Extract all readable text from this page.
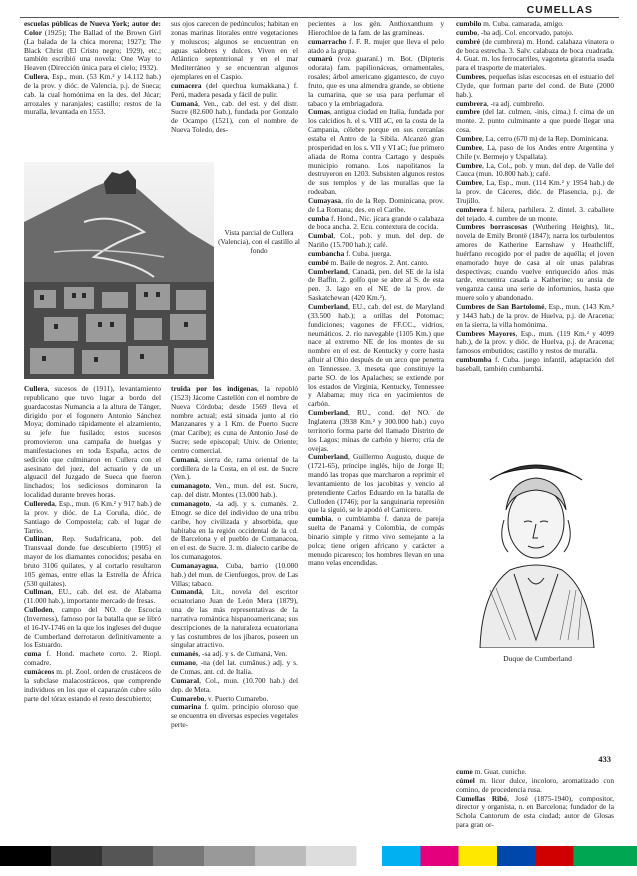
CUMELLAS

escuelas públicas de Nueva York; autor de: Color (1925); The Ballad of the Brown Girl (La balada de la chica morena; 1927); The Black Christ (El Cristo negro; 1929), etc.; también escribió una novela: One Way to Heaven (Dirección única para el cielo; 1932).

Cullera, Esp., mun. (53 Km.² y 14.112 hab.) de la prov. y dióc. de Valencia, p.j. de Sueca; cab. la cual homónima en la des. del Júcar; arrozales y naranjales; castillo; restos de la muralla, levantada en 1553.

sus ojos carecen de pedúnculos; habitan en zonas marinas litorales entre vegetaciones y moluscos; algunos se encuentran en aguas salobres y dulces. Viven en el Atlántico septentrional y en el mar Mediterráneo y se encuentran algunos ejemplares en el Caspio.

cumacera (del quechua kumakkana.) f. Perú, madera pesada y fácil de pulir.

Cumaná, Ven., cab. del est. y del distr. Sucre (82.600 hab.), fundada por Gonzalo de Ocampo (1521), con el nombre de Nueva Toledo, des-

Vista parcial de Cullera (Valencia), con el castillo al fondo

pecientes a los gén. Anthoxanthum y Hierochloe de la fam. de las gramíneas.

cumarracho f. F. R. mujer que lleva el pelo atado a la grupa.

cumarú (voz guaraní.) m. Bot. (Dipteris odorata) fam. papilionáceas, ornamentales, rosales; árbol americano gigantesco, de cuyo fruto, que es una almendra grande, se obtiene la cumarina, que se usa para perfumar el tabaco y la embriagadora.

Cumas, antigua ciudad en Italia, fundada por los calcidios h. el s. VIII aC, en la costa de la Campania, célebre porque en sus cercanías estaba el Antro de la Sibila. Alcanzó gran prosperidad en los s. VII y VI aC; fue primero aliada de Roma contra Cartago y después municipio romano. Los napolitanos la destruyeron en 1203. Subsisten algunos restos de sus templos y de las murallas que la rodeaban.

Cumayasa, río de la Rep. Dominicana, prov. de La Romana; des. en el Caribe.

cumba f. Hond., Nic. jícara grande o calabaza de boca ancha. 2. Ecu. contextura de cocida.

Cumbal, Col., pob. y mun. del dep. de Nariño (15.700 hab.); café.

cumbancha f. Cuba. juerga.

cumbé m. Baile de negros. 2. Ant. canto.

Cumberland, Canadá, pen. del SE de la isla de Baffin. 2. golfo que se abre al S. de esta pen. 3. lago en el NE de la prov. de Saskatchewan (420 Km.²).

Cumberland, EU., cab. del est. de Maryland (33.500 hab.); a orillas del Potomac; fundiciones; vagones de FF.CC., vidrios, neumáticos. 2. río navegable (1105 Km.) que nace al extremo NE de los montes de su nombre en el est. de Kentucky y corre hasta afluir al Ohio después de un arco que penetra en Tennessee. 3. meseta que constituye la parte SO. de los Apalaches; se extiende por los estados de Virginia, Kentucky, Tennessee y Alabama; muy rica en yacimientos de carbón.

Cumberland, RU., cond. del NO. de Inglaterra (3938 Km.² y 300.000 hab.) cuyo territorio forma parte del llamado Distrito de los Lagos; minas de carbón y hierro; cría de ovejas.

Cumberland, Guillermo Augusto, duque de (1721-65), príncipe inglés, hijo de Jorge II; mandó las tropas que marcharon a reprimir el levantamiento de los jacobitas y vencio al pretendiente Carlos Eduardo en la batalla de Culloden (1746); por la sanguinaria represión que la siguió, se le apodó el Carnicero.

cumbia, o cumbiamba f. danza de pareja suelta de Panamá y Colombia, de compás binario simple y ritmo vivo semejante a la polca; tiene origen africano y carácter a menudo picaresco; los hombres llevan en una mano velas encendidas.

cumbilo m. Cuba. camarada, amigo.

cumbo, -ba adj. Col. encorvado, patojo.

cumbré (de cumbrera) m. Hond. calabaza vinatera o de boca estrecha. 3. Salv. calabaza de boca cuadrada. 4. Guat. m. los ferrocarriles, vagoneta giratoria usada para el trasporte de materiales.

Cumbres, pequeñas islas escocesas en el estuario del Clyde, que forman parte del cond. de Bute (2000 hab.).

cumbrera, -ra adj. cumbreño.

cumbre (del lat. culmen, -inis, cima.) f. cima de un monte. 2. punto culminante a que puede llegar una cosa.

Cumbre, La, cerro (670 m) de la Rep. Dominicana.

Cumbre, La, paso de los Andes entre Argentina y Chile (v. Bermejo y Uspallata).

Cumbre, La, Col., pob. y mun. del dep. de Valle del Cauca (mun. 10.800 hab.); café.

Cumbre, La, Esp., mun. (114 Km.² y 1954 hab.) de la prov. de Cáceres, dióc. de Plasencia, p.j. de Trujillo.

cumbrera f. hilera, parhilera. 2. dintel. 3. caballete del tejado. 4. cumbre de un monte.

Cumbres borrascosas (Wuthering Heights), lit., novela de Emily Brontë (1847); narra los turbulentos amores de Katherine Earnshaw y Heathcliff, huérfano recogido por el padre de aquélla; el joven enamorado huye de casa al oír unas palabras despectivas; cuando vuelve enriquecido años más tarde, encuentra casada a Katherine; su ansia de venganza causa una serie de infortunios, hasta que muere solo y abandonado.

Cumbres de San Bartolomé, Esp., mun. (143 Km.² y 1443 hab.) de la prov. de Huelva, p.j. de Aracena; en la sierra, la villa homónima.

Cumbres Mayores, Esp., mun. (119 Km.² y 4099 hab.), de la prov. y dióc. de Huelva, p.j. de Aracena; famosos embutidos; castillo y restos de muralla.

cumbumba f. Cuba. juego infantil, adaptación del baseball, también cumbambá.

Cullera, sucesos de (1911), levantamiento republicano que tuvo lugar a bordo del guardacostas Numancia a la altura de Tánger, dirigido por el fogonero Antonio Sánchez Moya; dominado rápidamente el alzamiento, su jefe fue fusilado; estos sucesos promovieron una campaña de huelgas y manifestaciones en toda España, actos de sedición que culminaron en Cullera con el asesinato del juez, del actuario y de un alguacil del Juzgado de Sueca que fueron linchados; los sediciosos dominaron la localidad durante breves horas.

Cullereda, Esp., mun. (6 Km.² y 917 hab.) de la prov. y dióc. de La Coruña, dióc. de Santiago de Compostela; cab. el lugar de Tarrio.

Cullinan, Rep. Sudafricana, pob. del Transvaal donde fue descubierto (1905) el mayor de los diamantes conocidos; pesaba en bruto 3106 quilates, y al cortarlo resultaron 105 gemas, entre ellas la Estrella de África (530 quilates).

Cullman, EU., cab. del est. de Alabama (11.000 hab.), importante mercado de fresas.

Culloden, campo del NO. de Escocia (Inverness), famoso por la batalla que se libró el 16-IV-1746 en la que los ingleses del duque de Cumberland derrotaron definitivamente a los Estuardo.

cuma f. Hond. machete corto. 2. Riopl. comadre.

cumáceos m. pl. Zool. orden de crustáceos de la subclase malacostráceos, que comprende individuos en los que el caparazón cubre sólo parte del tórax estando el resto descubierto;

truida por los indígenas, la repobló (1523) Jácome Castellón con el nombre de Nueva Córdoba; desde 1569 lleva el nombre actual; está situada junto al río Manzanares y a 1 Km. de Puerto Sucre (mar Caribe); es cuna de Antonio José de Sucre; sede episcopal; Univ. de Oriente; centro comercial.

Cumaná, sierra de, rama oriental de la cordillera de la Costa, en el est. de Sucre (Ven.).

cumanagoto, Ven., mun. del est. Sucre, cap. del distr. Montes (13.000 hab.).

cumanagoto, -ta adj. y s. cumanés. 2. Etnogr. se dice del individuo de una tribu caribe, hoy civilizada y absorbida, que habitaba en la región occidental de la cd. de Barcelona y el pueblo de Cumanacoa, en el est. de Sucre. 3. m. dialecto caribe de los cumanagotos.

Cumanayagua, Cuba, barrio (10.000 hab.) del mun. de Cienfuegos, prov. de Las Villas; tabaco.

Cumandá, Lit., novela del escritor ecuatoriano Juan de León Mera (1879), una de las más representativas de la narrativa romántica hispanoamericana; sus descripciones de la naturaleza ecuatoriana y las costumbres de los jíbaros, poseen un singular atractivo.

cumanés, -sa adj. y s. de Cumaná, Ven.

cumano, -na (del lat. cumānus.) adj. y s. de Cumas, ant. cd. de Italia.

Cumaral, Col., mun. (10.700 hab.) del dep. de Meta.

Cumarebo, v. Puerto Cumarebo.

cumarina f. quím. principio oloroso que se encuentra en diversas especies vegetales perte-

Duque de Cumberland
433

cume m. Guat. cuniche.

cúmel m. licor dulce, incoloro, aromatizado con comino, de procedencia rusa.

Cumellas Ribó, José (1875-1940), compositor, director y organista, n. en Barcelona; fundador de la Schola Cantorum de esta ciudad; autor de Glosas para gran or-
